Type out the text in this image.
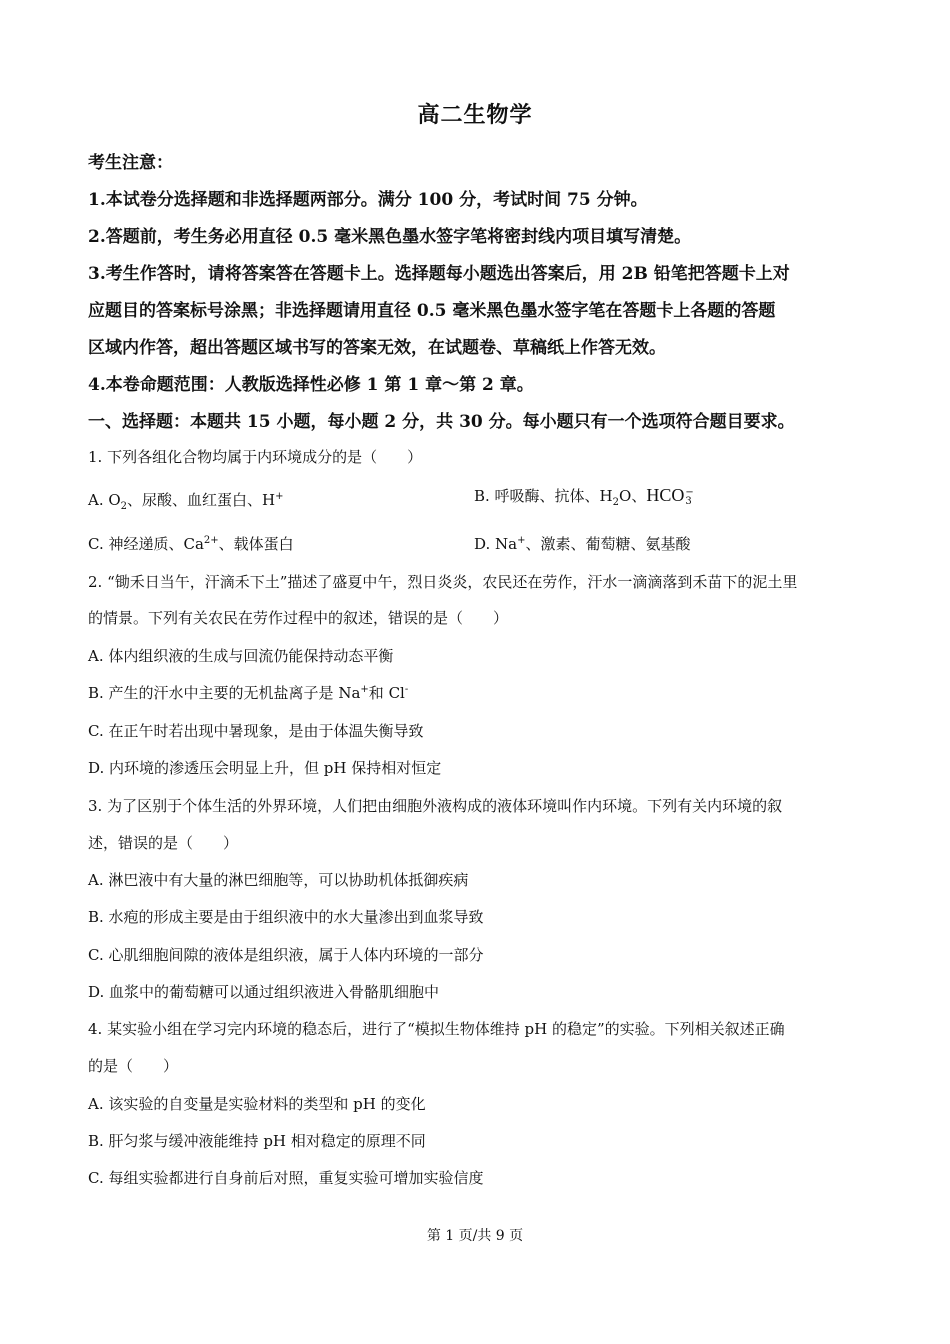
高二生物学
考生注意：
1.本试卷分选择题和非选择题两部分。满分 100 分，考试时间 75 分钟。
2.答题前，考生务必用直径 0.5 毫米黑色墨水签字笔将密封线内项目填写清楚。
3.考生作答时，请将答案答在答题卡上。选择题每小题选出答案后，用 2B 铅笔把答题卡上对
应题目的答案标号涂黑；非选择题请用直径 0.5 毫米黑色墨水签字笔在答题卡上各题的答题
区域内作答，超出答题区域书写的答案无效，在试题卷、草稿纸上作答无效。
4.本卷命题范围：人教版选择性必修 1 第 1 章～第 2 章。
一、选择题：本题共 15 小题，每小题 2 分，共 30 分。每小题只有一个选项符合题目要求。
1. 下列各组化合物均属于内环境成分的是（　　）
A. $O_2$、尿酸、血红蛋白、H+	B. 呼吸酶、抗体、$H_2O$、HCO −
3
C. 神经递质、$Ca^{2+}$、载体蛋白	D. Na+、激素、葡萄糖、氨基酸
2. “锄禾日当午，汗滴禾下土”描述了盛夏中午，烈日炎炎，农民还在劳作，汗水一滴滴落到禾苗下的泥土里
的情景。下列有关农民在劳作过程中的叙述，错误的是（　　）
A. 体内组织液的生成与回流仍能保持动态平衡
B. 产生的汗水中主要的无机盐离子是 Na+和 Cl-
C. 在正午时若出现中暑现象，是由于体温失衡导致
D. 内环境的渗透压会明显上升，但 pH 保持相对恒定
3. 为了区别于个体生活的外界环境，人们把由细胞外液构成的液体环境叫作内环境。下列有关内环境的叙
述，错误的是（　　）
A. 淋巴液中有大量的淋巴细胞等，可以协助机体抵御疾病
B. 水疱的形成主要是由于组织液中的水大量渗出到血浆导致
C. 心肌细胞间隙的液体是组织液，属于人体内环境的一部分
D. 血浆中的葡萄糖可以通过组织液进入骨骼肌细胞中
4. 某实验小组在学习完内环境的稳态后，进行了“模拟生物体维持 pH 的稳定”的实验。下列相关叙述正确
的是（　　）
A. 该实验的自变量是实验材料的类型和 pH 的变化
B. 肝匀浆与缓冲液能维持 pH 相对稳定的原理不同
C. 每组实验都进行自身前后对照，重复实验可增加实验信度
第 1 页/共 9 页
